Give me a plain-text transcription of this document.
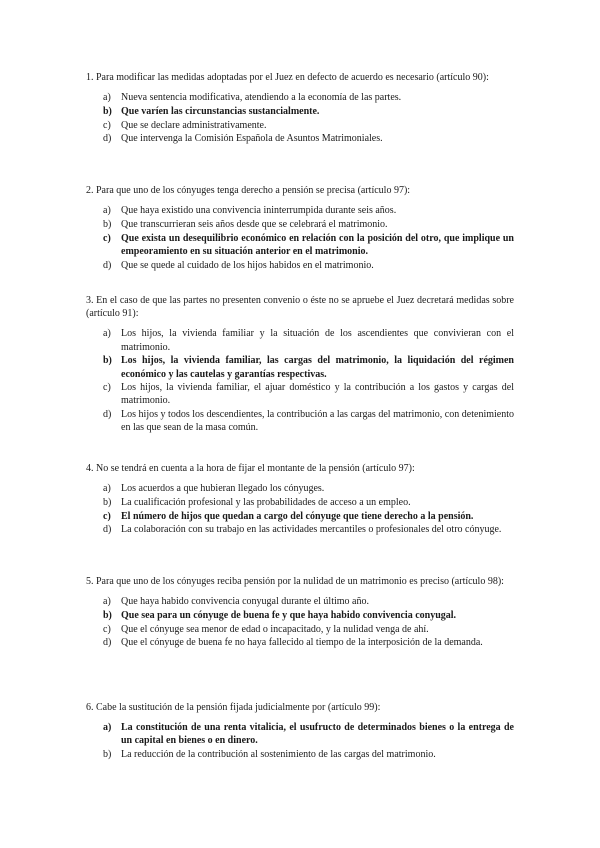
1. Para modificar las medidas adoptadas por el Juez en defecto de acuerdo es necesario (artículo 90):

a) Nueva sentencia modificativa, atendiendo a la economía de las partes.
b) Que varíen las circunstancias sustancialmente.
c) Que se declare administrativamente.
d) Que intervenga la Comisión Española de Asuntos Matrimoniales.

2. Para que uno de los cónyuges tenga derecho a pensión se precisa (artículo 97):

a) Que haya existido una convivencia ininterrumpida durante seis años.
b) Que transcurrieran seis años desde que se celebrará el matrimonio.
c) Que exista un desequilibrio económico en relación con la posición del otro, que implique un empeoramiento en su situación anterior en el matrimonio.
d) Que se quede al cuidado de los hijos habidos en el matrimonio.

3. En el caso de que las partes no presenten convenio o éste no se apruebe el Juez decretará medidas sobre (artículo 91):

a) Los hijos, la vivienda familiar y la situación de los ascendientes que convivieran con el matrimonio.
b) Los hijos, la vivienda familiar, las cargas del matrimonio, la liquidación del régimen económico y las cautelas y garantías respectivas.
c) Los hijos, la vivienda familiar, el ajuar doméstico y la contribución a los gastos y cargas del matrimonio.
d) Los hijos y todos los descendientes, la contribución a las cargas del matrimonio, con detenimiento en las que sean de la masa común.

4. No se tendrá en cuenta a la hora de fijar el montante de la pensión (artículo 97):

a) Los acuerdos a que hubieran llegado los cónyuges.
b) La cualificación profesional y las probabilidades de acceso a un empleo.
c) El número de hijos que quedan a cargo del cónyuge que tiene derecho a la pensión.
d) La colaboración con su trabajo en las actividades mercantiles o profesionales del otro cónyuge.

5. Para que uno de los cónyuges reciba pensión por la nulidad de un matrimonio es preciso (artículo 98):

a) Que haya habido convivencia conyugal durante el último año.
b) Que sea para un cónyuge de buena fe y que haya habido convivencia conyugal.
c) Que el cónyuge sea menor de edad o incapacitado, y la nulidad venga de ahí.
d) Que el cónyuge de buena fe no haya fallecido al tiempo de la interposición de la demanda.

6. Cabe la sustitución de la pensión fijada judicialmente por (artículo 99):

a) La constitución de una renta vitalicia, el usufructo de determinados bienes o la entrega de un capital en bienes o en dinero.
b) La reducción de la contribución al sostenimiento de las cargas del matrimonio.
